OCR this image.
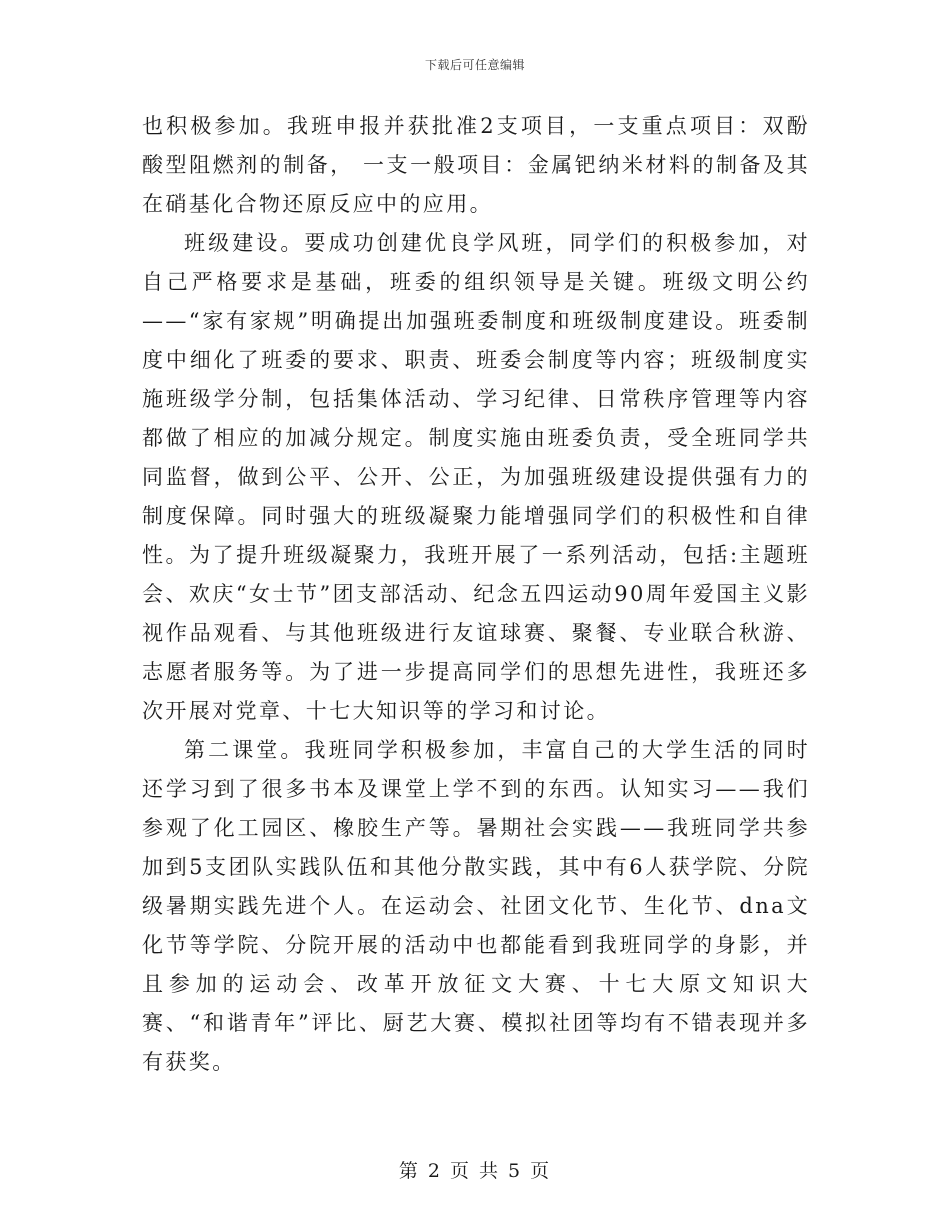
下载后可任意编辑

也积极参加。我班申报并获批准2支项目，一支重点项目：双酚酸型阻燃剂的制备， 一支一般项目：金属钯纳米材料的制备及其在硝基化合物还原反应中的应用。

班级建设。要成功创建优良学风班，同学们的积极参加，对自己严格要求是基础，班委的组织领导是关键。班级文明公约——“家有家规”明确提出加强班委制度和班级制度建设。班委制度中细化了班委的要求、职责、班委会制度等内容；班级制度实施班级学分制，包括集体活动、学习纪律、日常秩序管理等内容都做了相应的加减分规定。制度实施由班委负责，受全班同学共同监督，做到公平、公开、公正，为加强班级建设提供强有力的制度保障。同时强大的班级凝聚力能增强同学们的积极性和自律性。为了提升班级凝聚力，我班开展了一系列活动，包括:主题班会、欢庆“女士节”团支部活动、纪念五四运动90周年爱国主义影视作品观看、与其他班级进行友谊球赛、聚餐、专业联合秋游、志愿者服务等。为了进一步提高同学们的思想先进性，我班还多次开展对党章、十七大知识等的学习和讨论。

第二课堂。我班同学积极参加，丰富自己的大学生活的同时还学习到了很多书本及课堂上学不到的东西。认知实习——我们参观了化工园区、橡胶生产等。暑期社会实践——我班同学共参加到5支团队实践队伍和其他分散实践，其中有6人获学院、分院级暑期实践先进个人。在运动会、社团文化节、生化节、dna文化节等学院、分院开展的活动中也都能看到我班同学的身影，并且参加的运动会、改革开放征文大赛、十七大原文知识大赛、“和谐青年”评比、厨艺大赛、模拟社团等均有不错表现并多有获奖。

第 2 页 共 5 页
